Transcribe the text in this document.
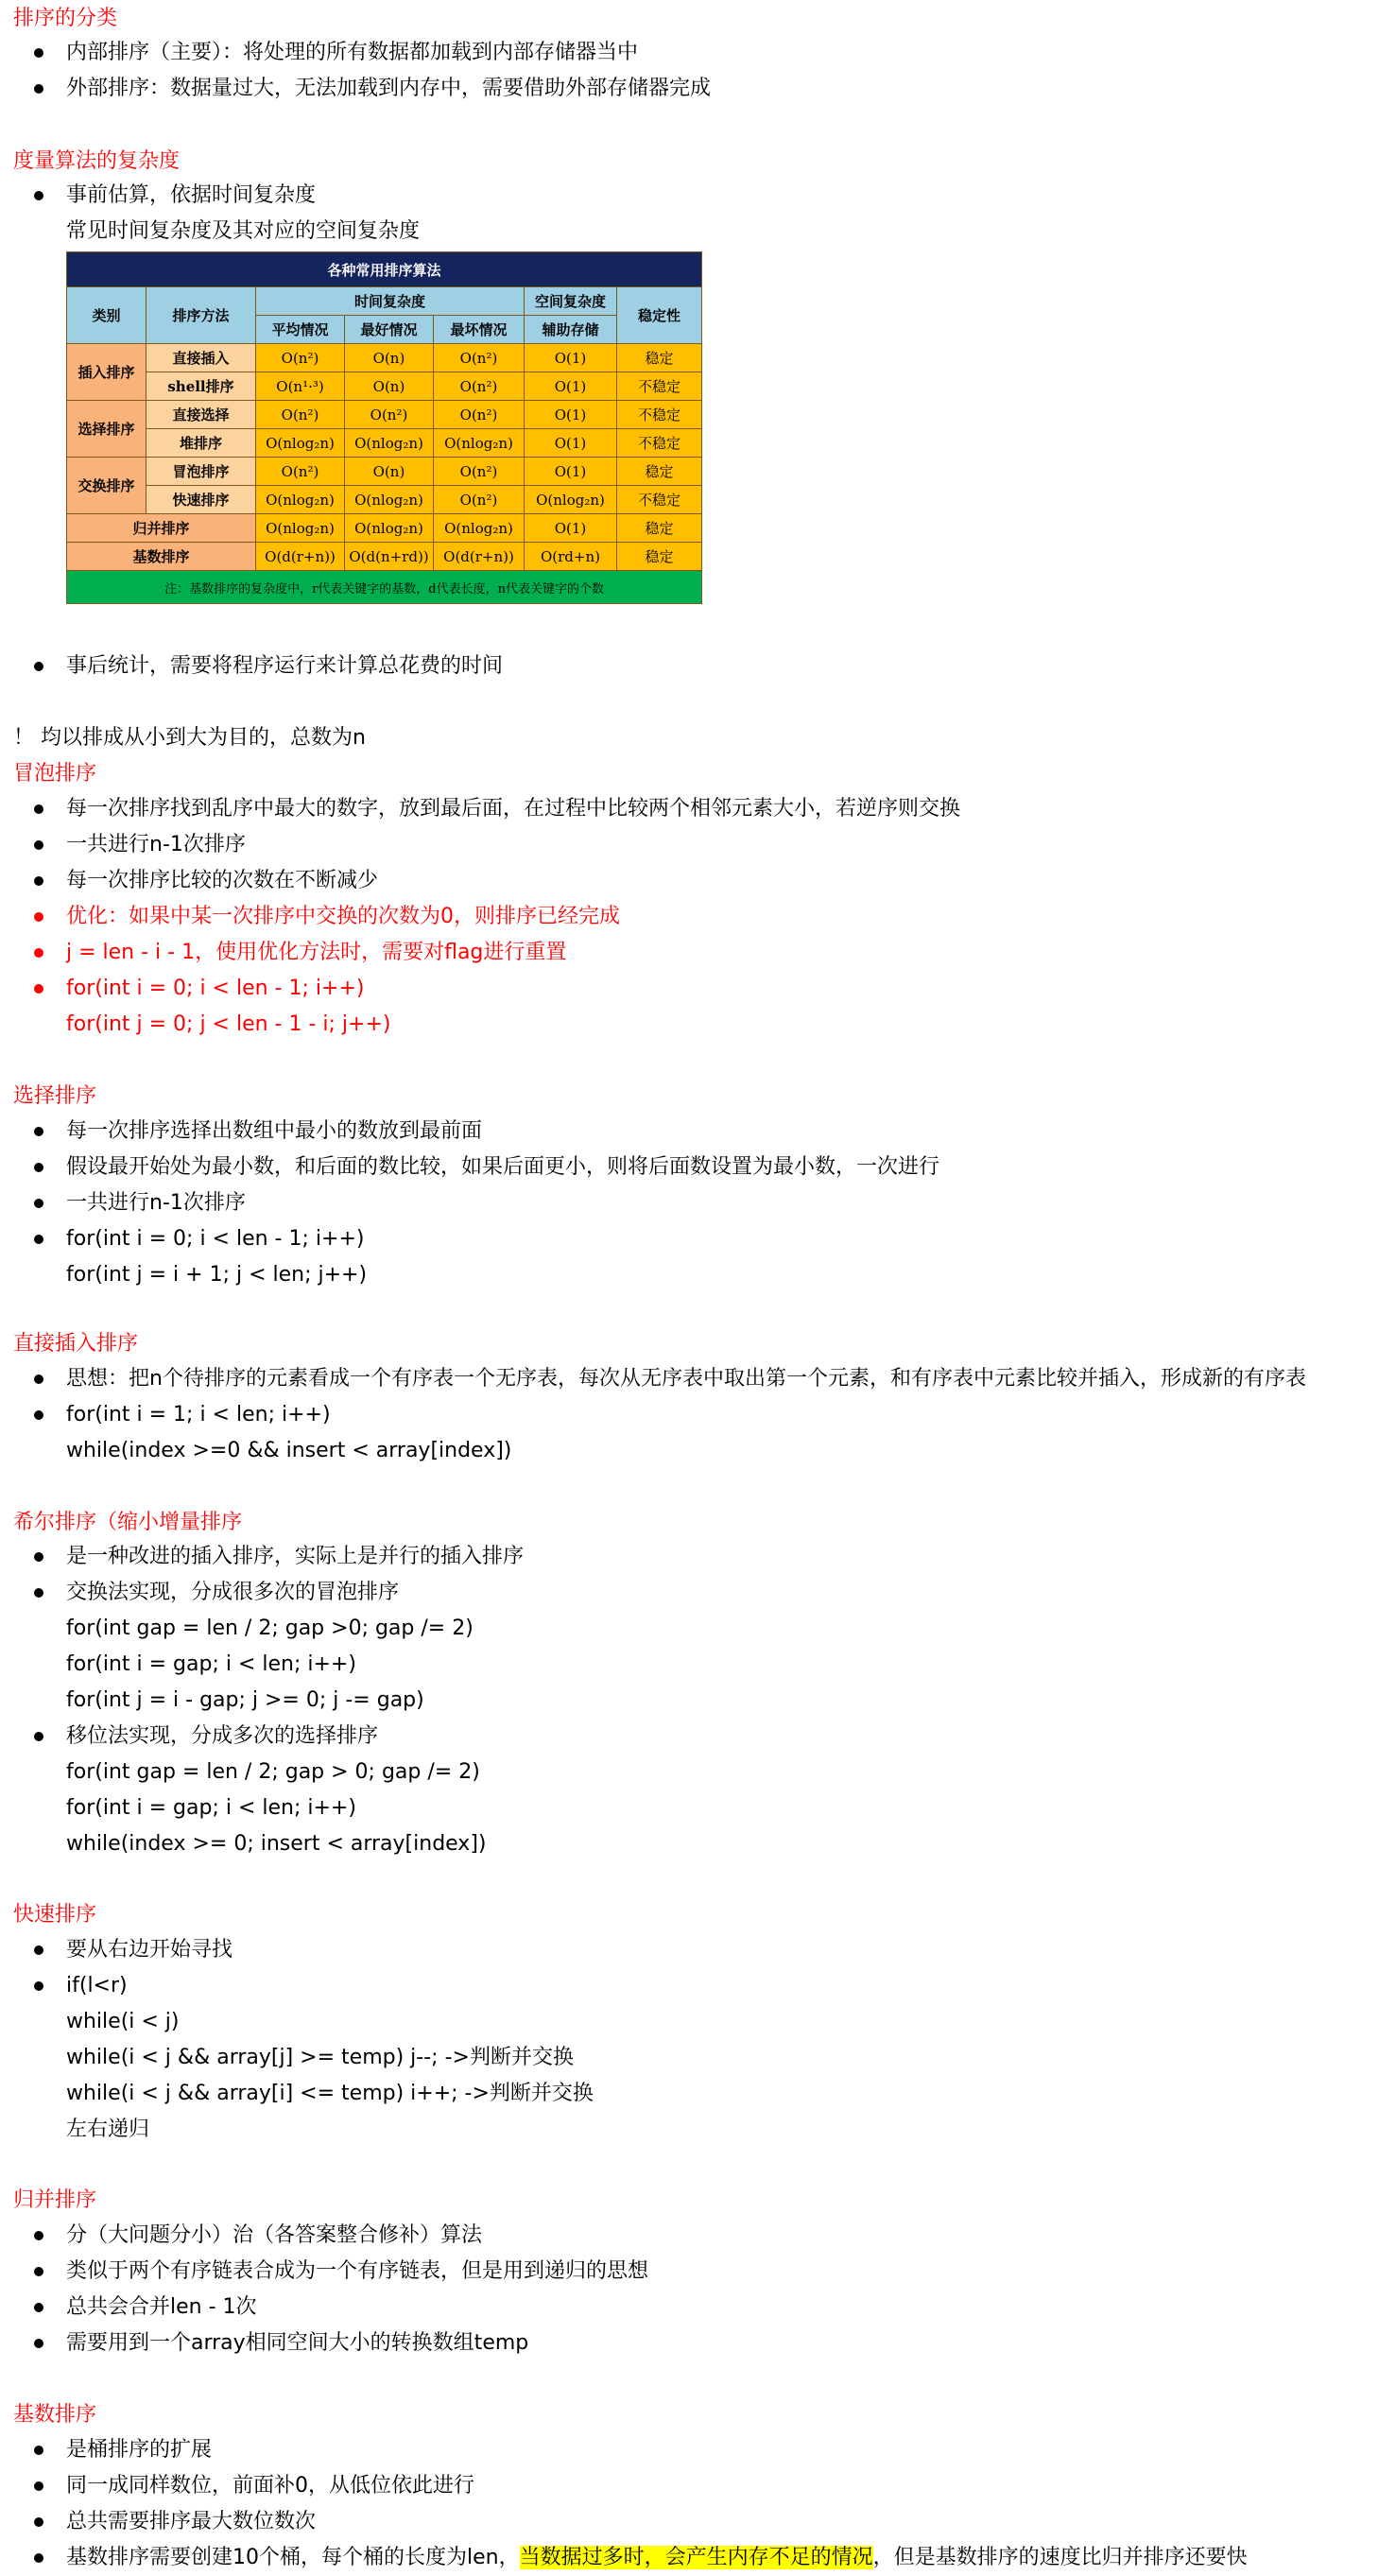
排序的分类
内部排序（主要）：将处理的所有数据都加载到内部存储器当中
外部排序：数据量过大，无法加载到内存中，需要借助外部存储器完成
度量算法的复杂度
事前估算，依据时间复杂度
常见时间复杂度及其对应的空间复杂度
各种常用排序算法						
类别	排序方法	时间复杂度			空间复杂度	稳定性
		平均情况	最好情况	最坏情况	辅助存储	
插入排序	直接插入	O(n²)	O(n)	O(n²)	O(1)	稳定
	shell排序	O(n¹·³)	O(n)	O(n²)	O(1)	不稳定
选择排序	直接选择	O(n²)	O(n²)	O(n²)	O(1)	不稳定
	堆排序	O(nlog₂n)	O(nlog₂n)	O(nlog₂n)	O(1)	不稳定
交换排序	冒泡排序	O(n²)	O(n)	O(n²)	O(1)	稳定
	快速排序	O(nlog₂n)	O(nlog₂n)	O(n²)	O(nlog₂n)	不稳定
归并排序		O(nlog₂n)	O(nlog₂n)	O(nlog₂n)	O(1)	稳定
基数排序		O(d(r+n))	O(d(n+rd))	O(d(r+n))	O(rd+n)	稳定
注：基数排序的复杂度中，r代表关键字的基数，d代表长度，n代表关键字的个数						
事后统计，需要将程序运行来计算总花费的时间
！ 均以排成从小到大为目的，总数为n
冒泡排序
每一次排序找到乱序中最大的数字，放到最后面，在过程中比较两个相邻元素大小，若逆序则交换
一共进行n-1次排序
每一次排序比较的次数在不断减少
优化：如果中某一次排序中交换的次数为0，则排序已经完成
j = len - i - 1，使用优化方法时，需要对flag进行重置
for(int i = 0; i < len - 1; i++)
for(int j = 0; j < len - 1 - i; j++)
选择排序
每一次排序选择出数组中最小的数放到最前面
假设最开始处为最小数，和后面的数比较，如果后面更小，则将后面数设置为最小数，一次进行
一共进行n-1次排序
for(int i = 0; i < len - 1; i++)
for(int j = i + 1; j < len; j++)
直接插入排序
思想：把n个待排序的元素看成一个有序表一个无序表，每次从无序表中取出第一个元素，和有序表中元素比较并插入，形成新的有序表
for(int i = 1; i < len; i++)
while(index >=0 && insert < array[index])
希尔排序（缩小增量排序
是一种改进的插入排序，实际上是并行的插入排序
交换法实现，分成很多次的冒泡排序
for(int gap = len / 2; gap >0; gap /= 2)
for(int i = gap; i < len; i++)
for(int j = i - gap; j >= 0; j -= gap)
移位法实现，分成多次的选择排序
for(int gap = len / 2; gap > 0; gap /= 2)
for(int i = gap; i < len; i++)
while(index >= 0; insert < array[index])
快速排序
要从右边开始寻找
if(l<r)
while(i < j)
while(i < j && array[j] >= temp) j--; ->判断并交换
while(i < j && array[i] <= temp) i++; ->判断并交换
左右递归
归并排序
分（大问题分小）治（各答案整合修补）算法
类似于两个有序链表合成为一个有序链表，但是用到递归的思想
总共会合并len - 1次
需要用到一个array相同空间大小的转换数组temp
基数排序
是桶排序的扩展
同一成同样数位，前面补0，从低位依此进行
总共需要排序最大数位数次
基数排序需要创建10个桶，每个桶的长度为len，当数据过多时，会产生内存不足的情况，但是基数排序的速度比归并排序还要快
